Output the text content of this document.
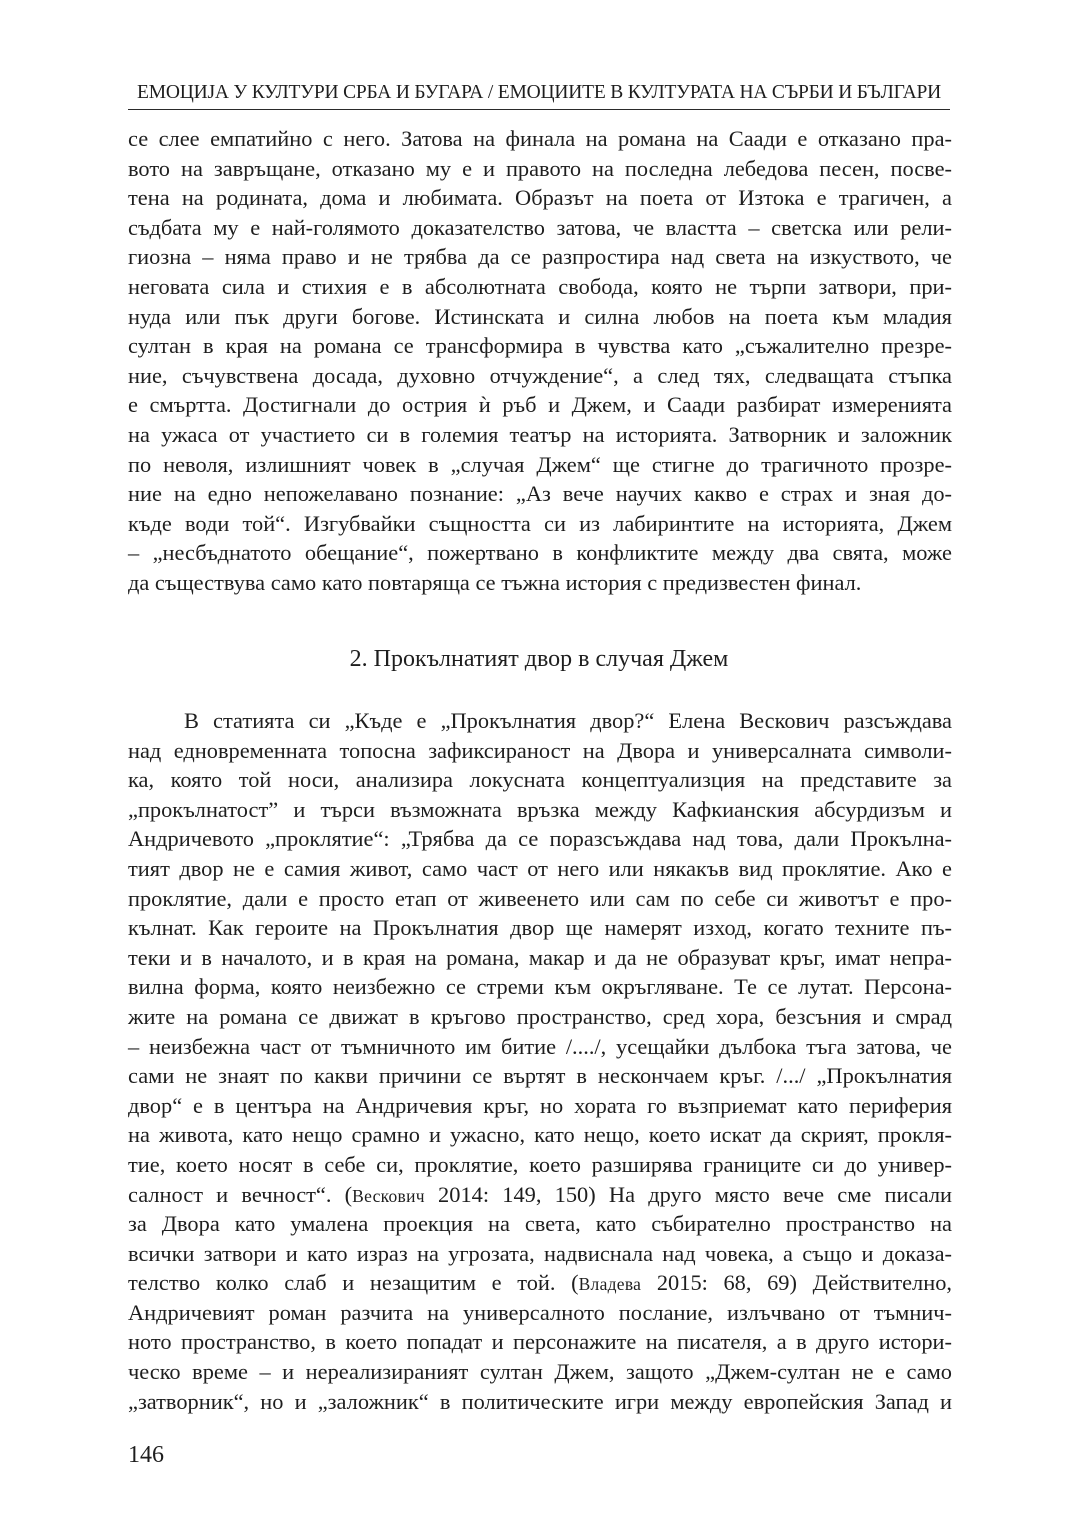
ЕМОЦИЈА У КУЛТУРИ СРБА И БУГАРА / ЕМОЦИИТЕ В КУЛТУРАТА НА СЪРБИ И БЪЛГАРИ
се слее емпатийно с него. Затова на финала на романа на Саади е отказано пра-
вото на завръщане, отказано му е и правото на последна лебедова песен, посве-
тена на родината, дома и любимата. Образът на поета от Изтока е трагичен, а
съдбата му е най-голямото доказателство затова, че властта – светска или рели-
гиозна – няма право и не трябва да се разпростира над света на изкуството, че
неговата сила и стихия е в абсолютната свобода, която не търпи затвори, при-
нуда или пък други богове. Истинската и силна любов на поета към младия
султан в края на романа се трансформира в чувства като „съжалително презре-
ние, съчувствена досада, духовно отчуждение“, а след тях, следващата стъпка
е смъртта. Достигнали до острия ѝ ръб и Джем, и Саади разбират измеренията
на ужаса от участието си в големия театър на историята. Затворник и заложник
по неволя, излишният човек в „случая Джем“ ще стигне до трагичното прозре-
ние на едно непожелавано познание: „Аз вече научих какво е страх и зная до-
къде води той“. Изгубвайки същността си из лабиринтите на историята, Джем
– „несбъднатото обещание“, пожертвано в конфликтите между два свята, може
да съществува само като повтаряща се тъжна история с предизвестен финал.
2. Прокълнатият двор в случая Джем
В статията си „Къде е „Прокълнатия двор?“ Елена Вескович разсъждава
над едновременната топосна зафиксираност на Двора и универсалната символи-
ка, която той носи, анализира локусната концептуализция на представите за
„прокълнатост” и търси възможната връзка между Кафкианския абсурдизъм и
Андричевото „проклятие“: „Трябва да се поразсъждава над това, дали Прокълна-
тият двор не е самия живот, само част от него или някакъв вид проклятие. Ако е
проклятие, дали е просто етап от живеенето или сам по себе си животът е про-
кълнат. Как героите на Прокълнатия двор ще намерят изход, когато техните пъ-
теки и в началото, и в края на романа, макар и да не образуват кръг, имат непра-
вилна форма, която неизбежно се стреми към окръгляване. Те се лутат. Персона-
жите на романа се движат в кръгово пространство, сред хора, безсъния и смрад
– неизбежна част от тъмничното им битие /..../, усещайки дълбока тъга затова, че
сами не знаят по какви причини се въртят в нескончаем кръг. /.../ „Прокълнатия
двор“ е в центъра на Андричевия кръг, но хората го възприемат като периферия
на живота, като нещо срамно и ужасно, като нещо, което искат да скрият, прокля-
тие, което носят в себе си, проклятие, което разширява границите си до универ-
салност и вечност“. (Вескович 2014: 149, 150) На друго място вече сме писали
за Двора като умалена проекция на света, като събирателно пространство на
всички затвори и като израз на угрозата, надвиснала над човека, а също и доказа-
телство колко слаб и незащитим е той. (Владева 2015: 68, 69) Действително,
Андричевият роман разчита на универсалното послание, излъчвано от тъмнич-
ното пространство, в което попадат и персонажите на писателя, а в друго истори-
ческо време – и нереализираният султан Джем, защото „Джем-султан не е само
„затворник“, но и „заложник“ в политическите игри между европейския Запад и
146
